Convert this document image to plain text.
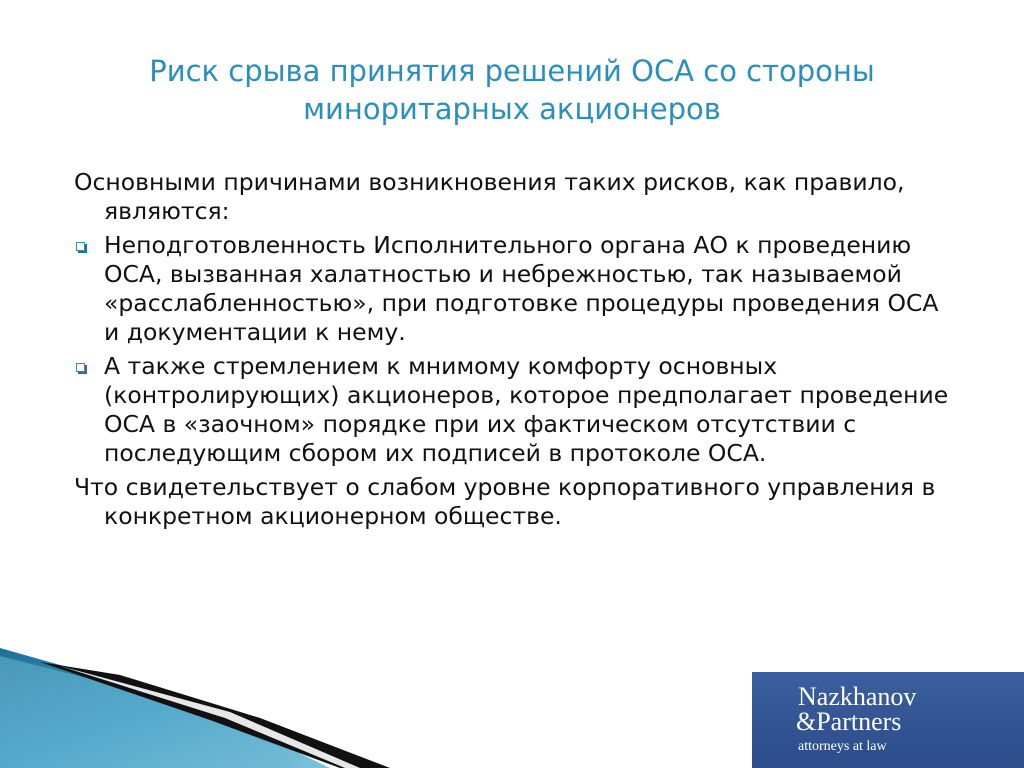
Риск срыва принятия решений ОСА со стороны
миноритарных акционеров
Основными причинами возникновения таких рисков, как правило, являются:
Неподготовленность Исполнительного органа АО к проведению ОСА, вызванная халатностью и небрежностью, так называемой «расслабленностью», при подготовке процедуры проведения ОСА и документации к нему.
А также стремлением к мнимому комфорту основных (контролирующих) акционеров, которое предполагает проведение ОСА в «заочном» порядке при их фактическом отсутствии с последующим сбором их подписей в протоколе ОСА.
Что свидетельствует о слабом уровне корпоративного управления в конкретном акционерном обществе.
Nazkhanov
&Partners
attorneys at law
